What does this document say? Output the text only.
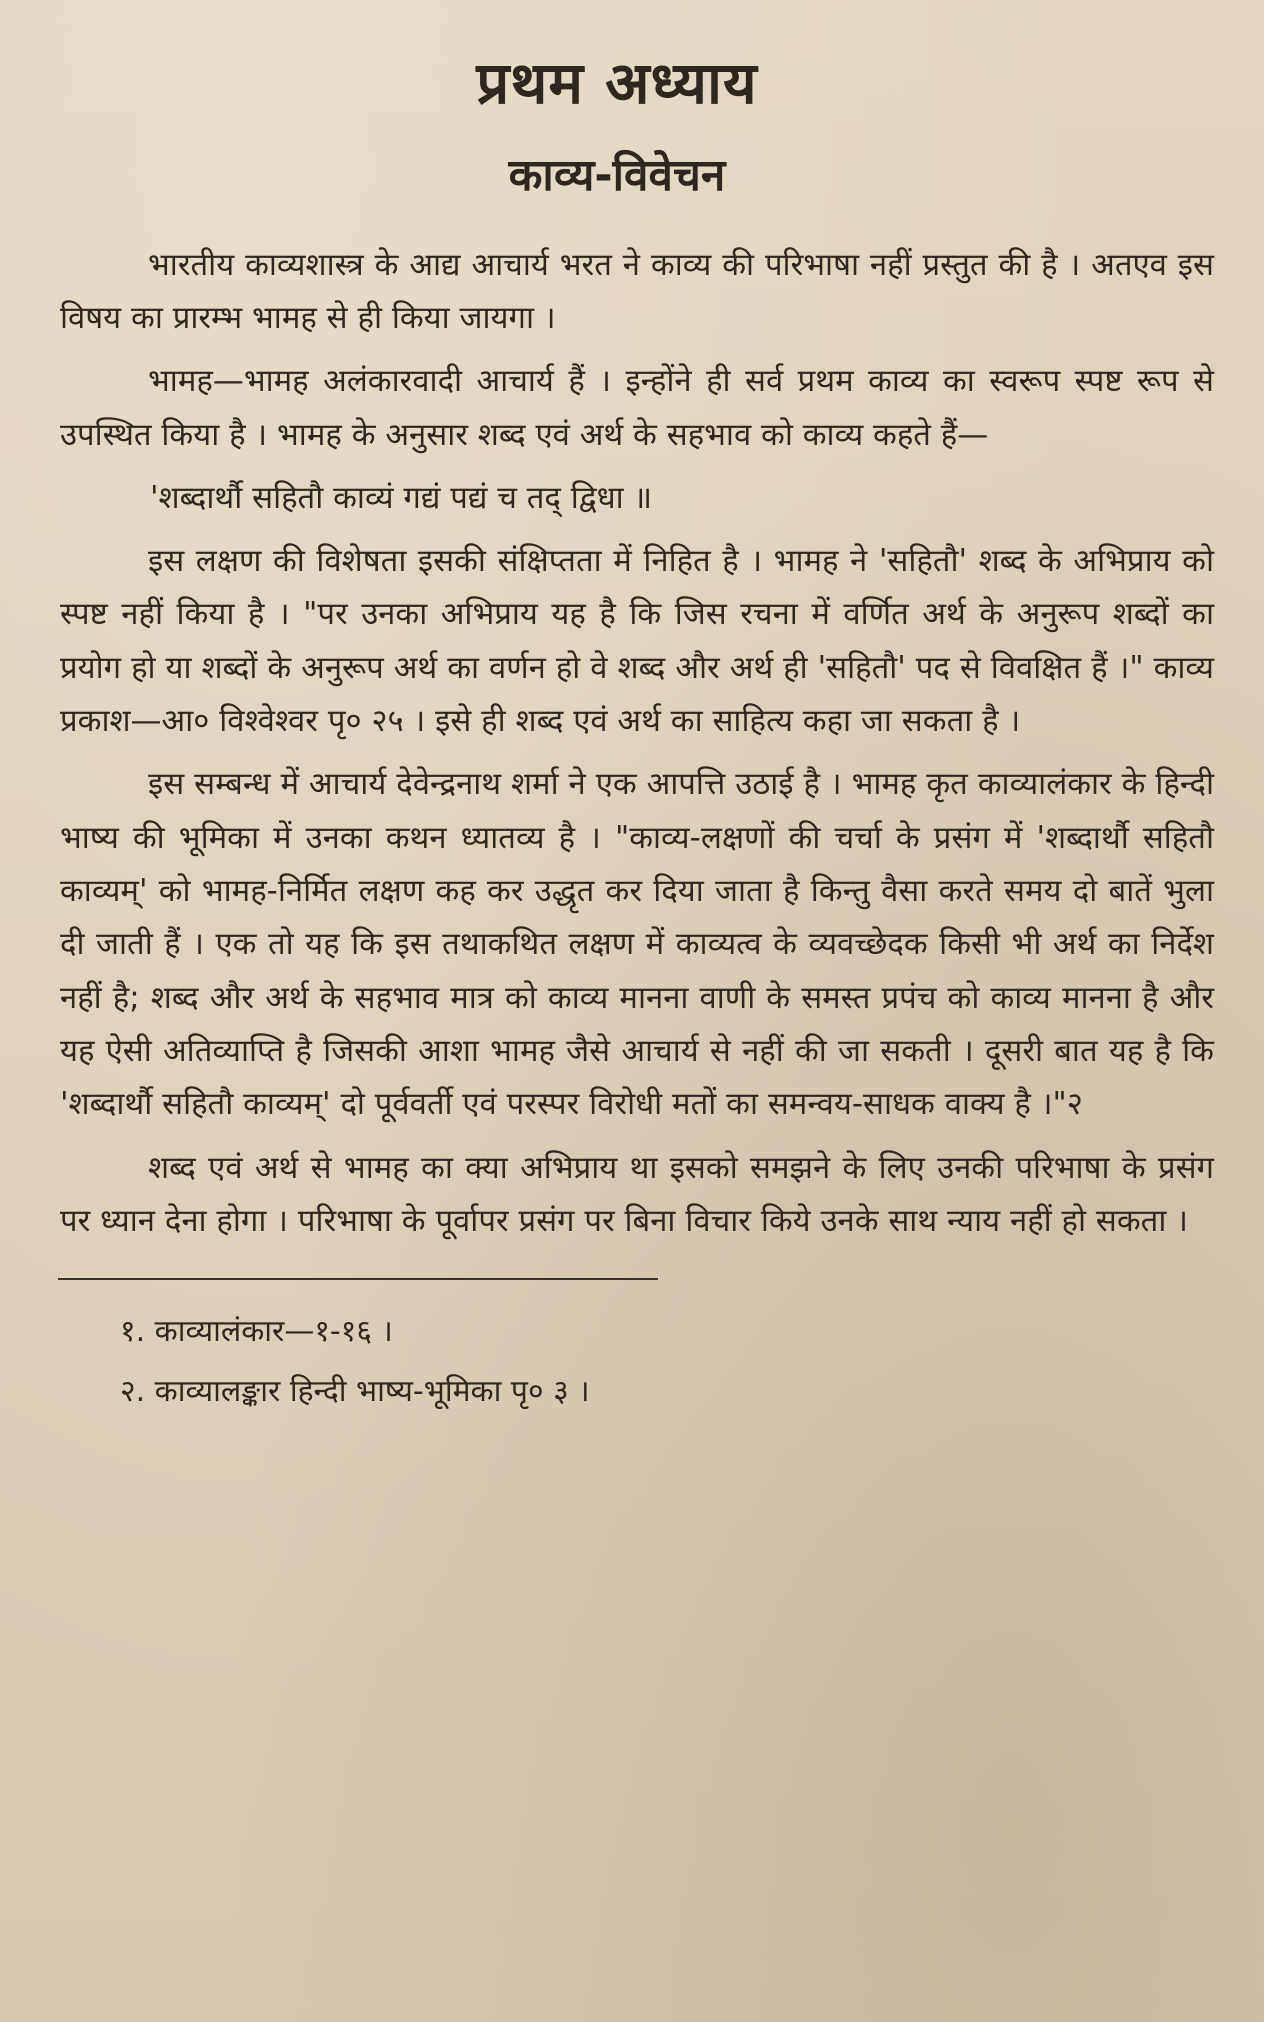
प्रथम अध्याय
काव्य-विवेचन

भारतीय काव्यशास्त्र के आद्य आचार्य भरत ने काव्य की परिभाषा नहीं प्रस्तुत की है । अतएव इस विषय का प्रारम्भ भामह से ही किया जायगा ।

भामह—भामह अलंकारवादी आचार्य हैं । इन्होंने ही सर्व प्रथम काव्य का स्वरूप स्पष्ट रूप से उपस्थित किया है । भामह के अनुसार शब्द एवं अर्थ के सहभाव को काव्य कहते हैं—

'शब्दार्थौ सहितौ काव्यं गद्यं पद्यं च तद् द्विधा ॥

इस लक्षण की विशेषता इसकी संक्षिप्तता में निहित है । भामह ने 'सहितौ' शब्द के अभिप्राय को स्पष्ट नहीं किया है । "पर उनका अभिप्राय यह है कि जिस रचना में वर्णित अर्थ के अनुरूप शब्दों का प्रयोग हो या शब्दों के अनुरूप अर्थ का वर्णन हो वे शब्द और अर्थ ही 'सहितौ' पद से विवक्षित हैं ।" काव्य प्रकाश—आ० विश्वेश्वर पृ० २५ । इसे ही शब्द एवं अर्थ का साहित्य कहा जा सकता है ।

इस सम्बन्ध में आचार्य देवेन्द्रनाथ शर्मा ने एक आपत्ति उठाई है । भामह कृत काव्यालंकार के हिन्दी भाष्य की भूमिका में उनका कथन ध्यातव्य है । "काव्य-लक्षणों की चर्चा के प्रसंग में 'शब्दार्थौ सहितौ काव्यम्' को भामह-निर्मित लक्षण कह कर उद्धृत कर दिया जाता है किन्तु वैसा करते समय दो बातें भुला दी जाती हैं । एक तो यह कि इस तथाकथित लक्षण में काव्यत्व के व्यवच्छेदक किसी भी अर्थ का निर्देश नहीं है; शब्द और अर्थ के सहभाव मात्र को काव्य मानना वाणी के समस्त प्रपंच को काव्य मानना है और यह ऐसी अतिव्याप्ति है जिसकी आशा भामह जैसे आचार्य से नहीं की जा सकती । दूसरी बात यह है कि 'शब्दार्थौ सहितौ काव्यम्' दो पूर्ववर्ती एवं परस्पर विरोधी मतों का समन्वय-साधक वाक्य है ।"२

शब्द एवं अर्थ से भामह का क्या अभिप्राय था इसको समझने के लिए उनकी परिभाषा के प्रसंग पर ध्यान देना होगा । परिभाषा के पूर्वापर प्रसंग पर बिना विचार किये उनके साथ न्याय नहीं हो सकता ।

१. काव्यालंकार—१-१६ ।
२. काव्यालङ्कार हिन्दी भाष्य-भूमिका पृ० ३ ।
